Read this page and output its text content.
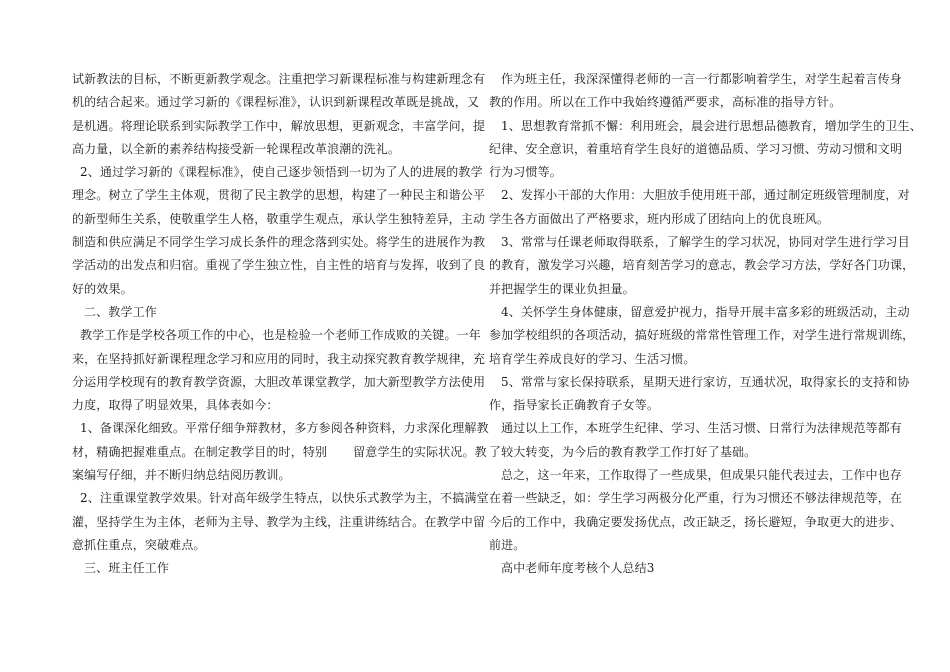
试新教法的目标，不断更新教学观念。注重把学习新课程标准与构建新理念有
机的结合起来。通过学习新的《课程标准》，认识到新课程改革既是挑战，又
是机遇。将理论联系到实际教学工作中，解放思想，更新观念，丰富学问，提
高力量，以全新的素养结构接受新一轮课程改革浪潮的洗礼。
2、通过学习新的《课程标准》，使自己逐步领悟到一切为了人的进展的教学
理念。树立了学生主体观，贯彻了民主教学的思想，构建了一种民主和谐公平
的新型师生关系，使敬重学生人格，敬重学生观点，承认学生独特差异，主动
制造和供应满足不同学生学习成长条件的理念落到实处。将学生的进展作为教
学活动的出发点和归宿。重视了学生独立性，自主性的培育与发挥，收到了良
好的效果。
二、教学工作
教学工作是学校各项工作的中心，也是检验一个老师工作成败的关键。一年
来，在坚持抓好新课程理念学习和应用的同时，我主动探究教育教学规律，充
分运用学校现有的教育教学资源，大胆改革课堂教学，加大新型教学方法使用
力度，取得了明显效果，具体表如今：
1、备课深化细致。平常仔细争辩教材，多方参阅各种资料，力求深化理解教
材，精确把握难重点。在制定教学目的时，特别 留意学生的实际状况。教
案编写仔细，并不断归纳总结阅历教训。
2、注重课堂教学效果。针对高年级学生特点，以快乐式教学为主，不搞满堂
灌，坚持学生为主体，老师为主导、教学为主线，注重讲练结合。在教学中留
意抓住重点，突破难点。
三、班主任工作
作为班主任，我深深懂得老师的一言一行都影响着学生，对学生起着言传身
教的作用。所以在工作中我始终遵循严要求，高标准的指导方针。
1、思想教育常抓不懈：利用班会，晨会进行思想品德教育，增加学生的卫生、
纪律、安全意识，着重培育学生良好的道德品质、学习习惯、劳动习惯和文明
行为习惯等。
2、发挥小干部的大作用：大胆放手使用班干部，通过制定班级管理制度，对
学生各方面做出了严格要求，班内形成了团结向上的优良班风。
3、常常与任课老师取得联系，了解学生的学习状况，协同对学生进行学习目
的教育，激发学习兴趣，培育刻苦学习的意志，教会学习方法，学好各门功课，
并把握学生的课业负担量。
4、关怀学生身体健康，留意爱护视力，指导开展丰富多彩的班级活动，主动
参加学校组织的各项活动，搞好班级的常常性管理工作，对学生进行常规训练，
培育学生养成良好的学习、生活习惯。
5、常常与家长保持联系，星期天进行家访，互通状况，取得家长的支持和协
作，指导家长正确教育子女等。
通过以上工作，本班学生纪律、学习、生活习惯、日常行为法律规范等都有
了较大转变，为今后的教育教学工作打好了基础。
总之，这一年来，工作取得了一些成果，但成果只能代表过去，工作中也存
在着一些缺乏，如：学生学习两极分化严重，行为习惯还不够法律规范等，在
今后的工作中，我确定要发扬优点，改正缺乏，扬长避短，争取更大的进步、
前进。
高中老师年度考核个人总结3
